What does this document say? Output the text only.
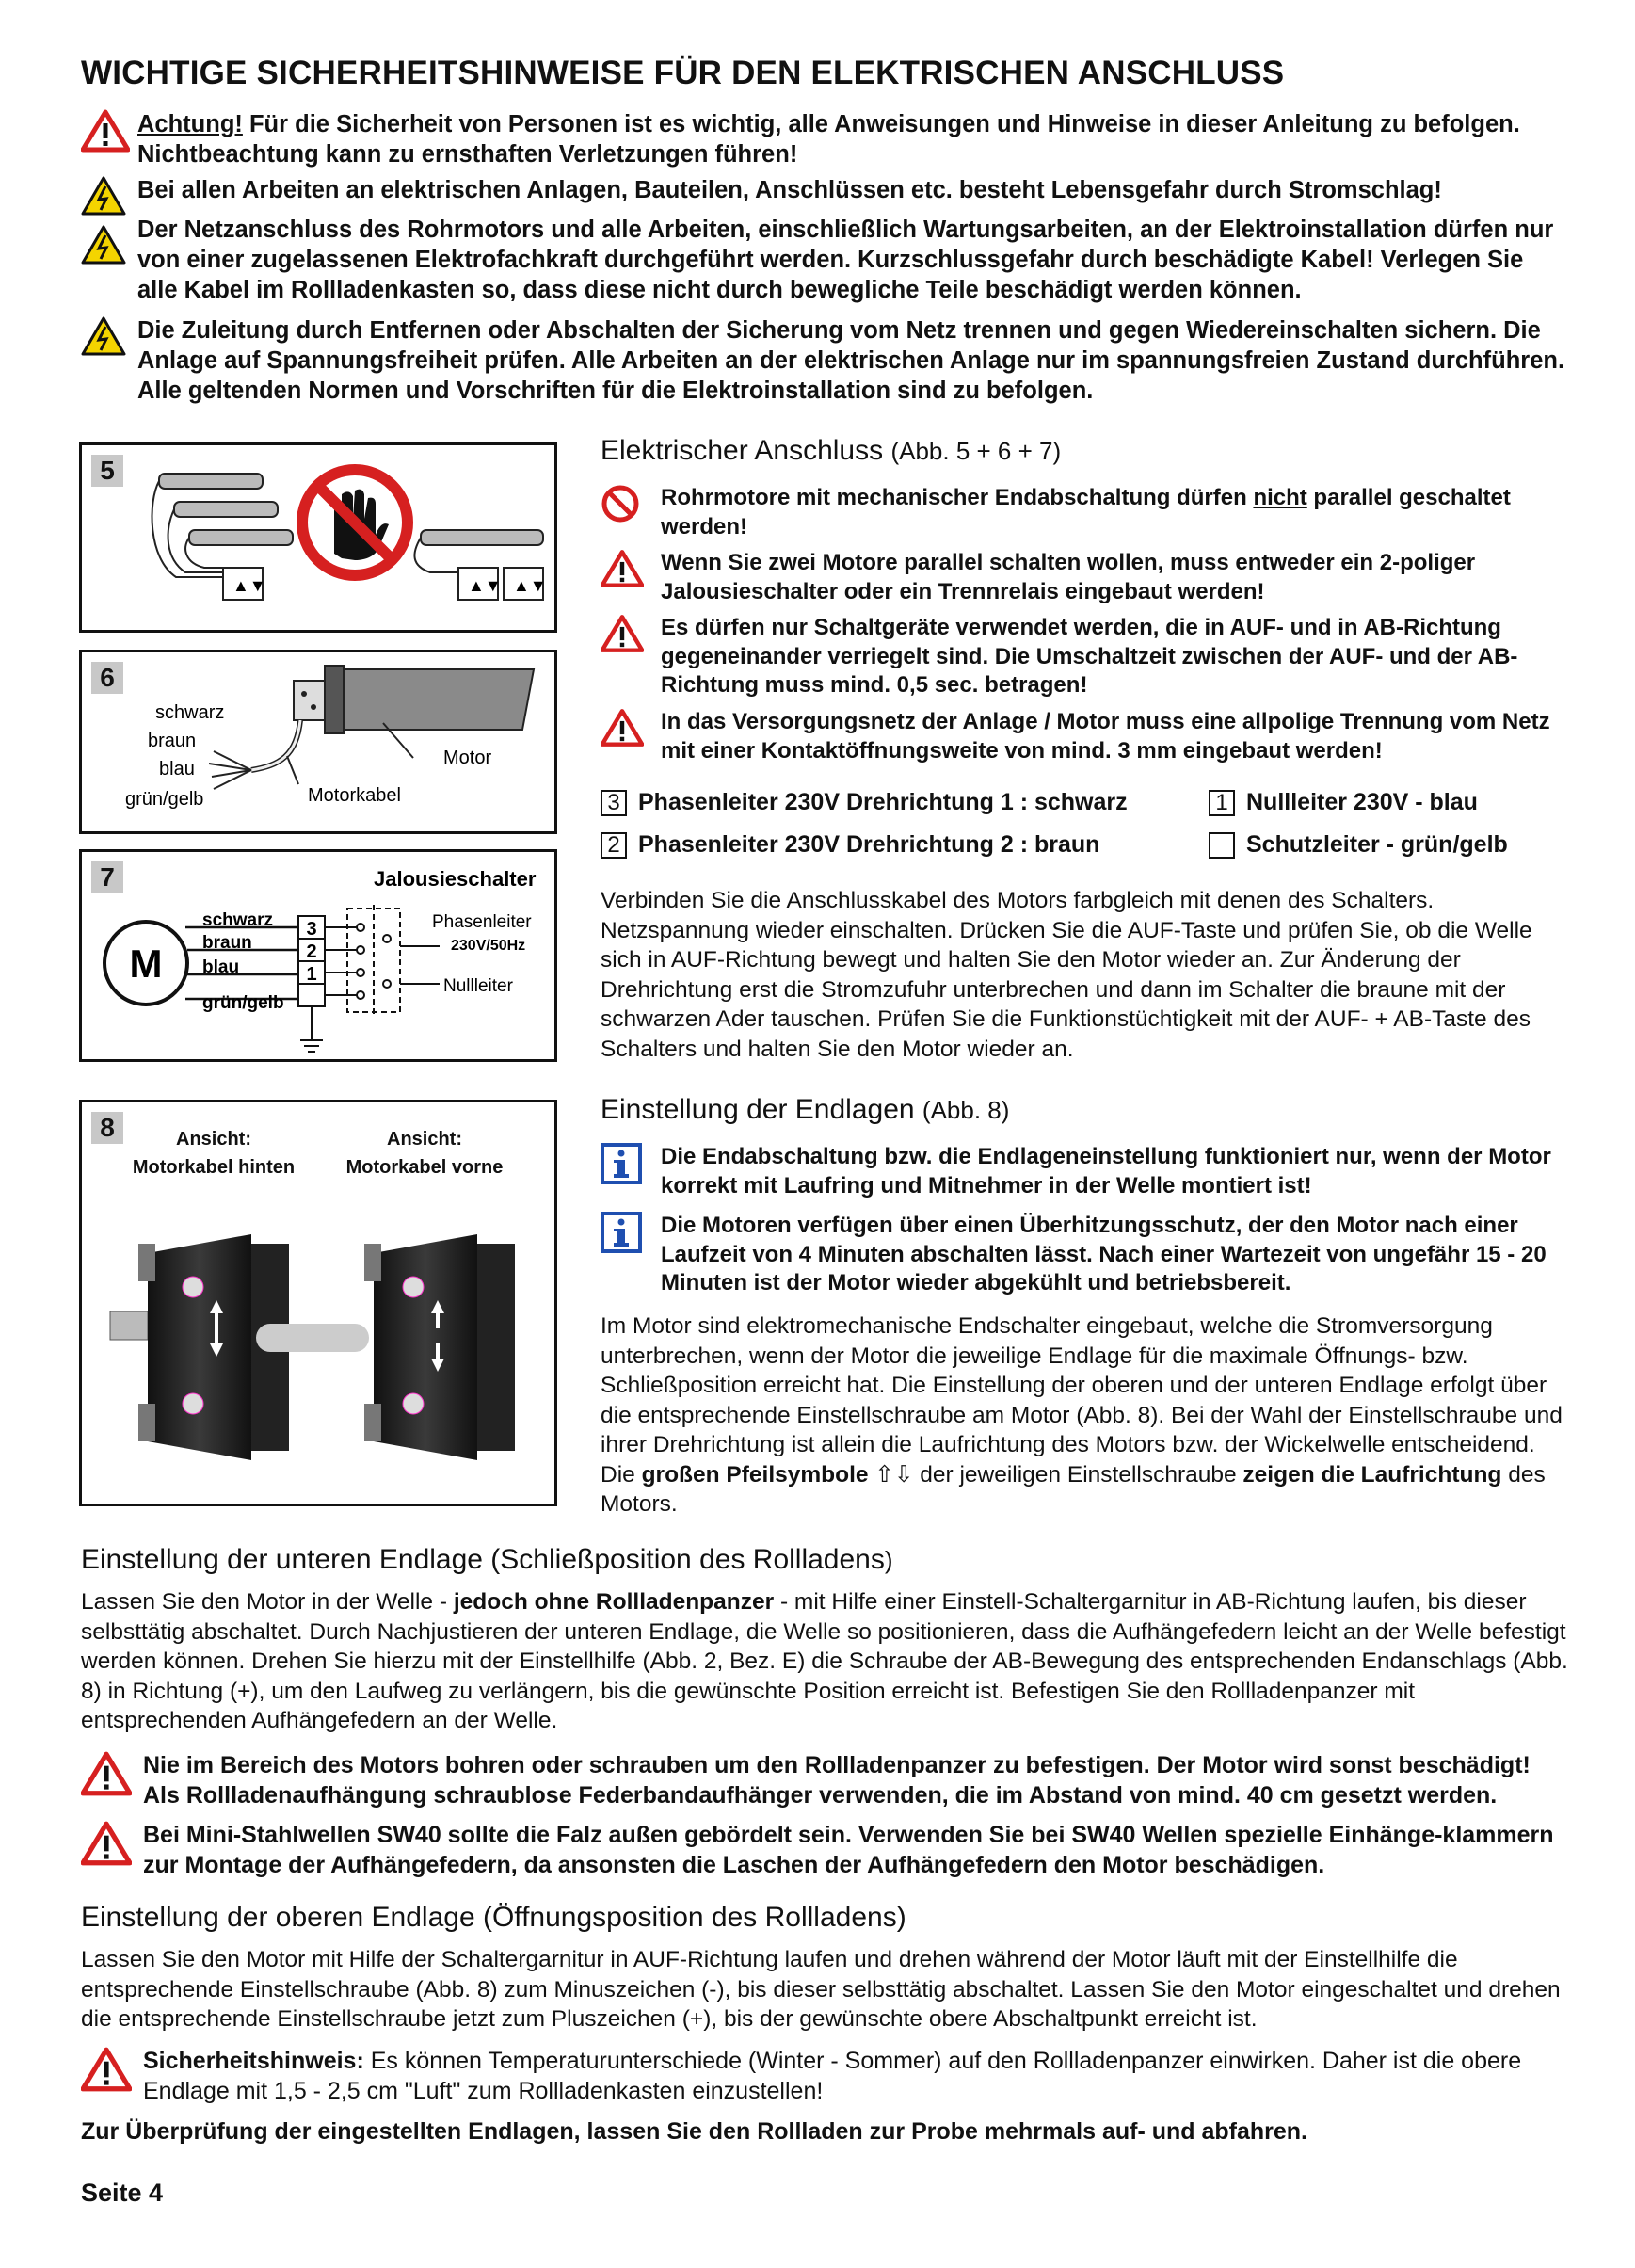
WICHTIGE SICHERHEITSHINWEISE FÜR DEN ELEKTRISCHEN ANSCHLUSS
Achtung! Für die Sicherheit von Personen ist es wichtig, alle Anweisungen und Hinweise in dieser Anleitung zu befolgen. Nichtbeachtung kann zu ernsthaften Verletzungen führen!
Bei allen Arbeiten an elektrischen Anlagen, Bauteilen, Anschlüssen etc. besteht Lebensgefahr durch Stromschlag!
Der Netzanschluss des Rohrmotors und alle Arbeiten, einschließlich Wartungsarbeiten, an der Elektroinstallation dürfen nur von einer zugelassenen Elektrofachkraft durchgeführt werden. Kurzschlussgefahr durch beschädigte Kabel! Verlegen Sie alle Kabel im Rollladenkasten so, dass diese nicht durch bewegliche Teile beschädigt werden können.
Die Zuleitung durch Entfernen oder Abschalten der Sicherung vom Netz trennen und gegen Wiedereinschalten sichern. Die Anlage auf Spannungsfreiheit prüfen. Alle Arbeiten an der elektrischen Anlage nur im spannungsfreien Zustand durchführen. Alle geltenden Normen und Vorschriften für die Elektroinstallation sind zu befolgen.
5
▲▼	▲▼ ▲▼
6
schwarz
braun
blau
grün/gelb	Motorkabel
Motor
7	Jalousieschalter
M
schwarz
braun
blau
grün/gelb
3
2
1
Phasenleiter
230V/50Hz
Nullleiter
8	Ansicht:
Motorkabel hinten
Ansicht:
Motorkabel vorne
Elektrischer Anschluss (Abb. 5 + 6 + 7)
Rohrmotore mit mechanischer Endabschaltung dürfen nicht parallel geschaltet werden!
Wenn Sie zwei Motore parallel schalten wollen, muss entweder ein 2-poliger Jalousieschalter oder ein Trennrelais eingebaut werden!
Es dürfen nur Schaltgeräte verwendet werden, die in AUF- und in AB-Richtung gegeneinander verriegelt sind. Die Umschaltzeit zwischen der AUF- und der AB-Richtung muss mind. 0,5 sec. betragen!
In das Versorgungsnetz der Anlage / Motor muss eine allpolige Trennung vom Netz mit einer Kontaktöffnungsweite von mind. 3 mm eingebaut werden!
3 Phasenleiter 230V Drehrichtung 1 : schwarz	1 Nullleiter 230V - blau
2 Phasenleiter 230V Drehrichtung 2 : braun	Schutzleiter - grün/gelb
Verbinden Sie die Anschlusskabel des Motors farbgleich mit denen des Schalters. Netzspannung wieder einschalten. Drücken Sie die AUF-Taste und prüfen Sie, ob die Welle sich in AUF-Richtung bewegt und halten Sie den Motor wieder an. Zur Änderung der Drehrichtung erst die Stromzufuhr unterbrechen und dann im Schalter die braune mit der schwarzen Ader tauschen. Prüfen Sie die Funktionstüchtigkeit mit der AUF- + AB-Taste des Schalters und halten Sie den Motor wieder an.
Einstellung der Endlagen (Abb. 8)
Die Endabschaltung bzw. die Endlageneinstellung funktioniert nur, wenn der Motor korrekt mit Laufring und Mitnehmer in der Welle montiert ist!
Die Motoren verfügen über einen Überhitzungsschutz, der den Motor nach einer Laufzeit von 4 Minuten abschalten lässt. Nach einer Wartezeit von ungefähr 15 - 20 Minuten ist der Motor wieder abgekühlt und betriebsbereit.
Im Motor sind elektromechanische Endschalter eingebaut, welche die Stromversorgung unterbrechen, wenn der Motor die jeweilige Endlage für die maximale Öffnungs- bzw. Schließposition erreicht hat. Die Einstellung der oberen und der unteren Endlage erfolgt über die entsprechende Einstellschraube am Motor (Abb. 8). Bei der Wahl der Einstellschraube und ihrer Drehrichtung ist allein die Laufrichtung des Motors bzw. der Wickelwelle entscheidend. Die großen Pfeilsymbole ⇧⇩ der jeweiligen Einstellschraube zeigen die Laufrichtung des Motors.
Einstellung der unteren Endlage (Schließposition des Rollladens)
Lassen Sie den Motor in der Welle - jedoch ohne Rollladenpanzer - mit Hilfe einer Einstell-Schaltergarnitur in AB-Richtung laufen, bis dieser selbsttätig abschaltet. Durch Nachjustieren der unteren Endlage, die Welle so positionieren, dass die Aufhängefedern leicht an der Welle befestigt werden können. Drehen Sie hierzu mit der Einstellhilfe (Abb. 2, Bez. E) die Schraube der AB-Bewegung des entsprechenden Endanschlags (Abb. 8) in Richtung (+), um den Laufweg zu verlängern, bis die gewünschte Position erreicht ist. Befestigen Sie den Rollladenpanzer mit entsprechenden Aufhängefedern an der Welle.
Nie im Bereich des Motors bohren oder schrauben um den Rollladenpanzer zu befestigen. Der Motor wird sonst beschädigt! Als Rollladenaufhängung schraublose Federbandaufhänger verwenden, die im Abstand von mind. 40 cm gesetzt werden.
Bei Mini-Stahlwellen SW40 sollte die Falz außen gebördelt sein. Verwenden Sie bei SW40 Wellen spezielle Einhänge-klammern zur Montage der Aufhängefedern, da ansonsten die Laschen der Aufhängefedern den Motor beschädigen.
Einstellung der oberen Endlage (Öffnungsposition des Rollladens)
Lassen Sie den Motor mit Hilfe der Schaltergarnitur in AUF-Richtung laufen und drehen während der Motor läuft mit der Einstellhilfe die entsprechende Einstellschraube (Abb. 8) zum Minuszeichen (-), bis dieser selbsttätig abschaltet. Lassen Sie den Motor eingeschaltet und drehen die entsprechende Einstellschraube jetzt zum Pluszeichen (+), bis der gewünschte obere Abschaltpunkt erreicht ist.
Sicherheitshinweis: Es können Temperaturunterschiede (Winter - Sommer) auf den Rollladenpanzer einwirken. Daher ist die obere Endlage mit 1,5 - 2,5 cm "Luft" zum Rollladenkasten einzustellen!
Zur Überprüfung der eingestellten Endlagen, lassen Sie den Rollladen zur Probe mehrmals auf- und abfahren.
Seite 4
